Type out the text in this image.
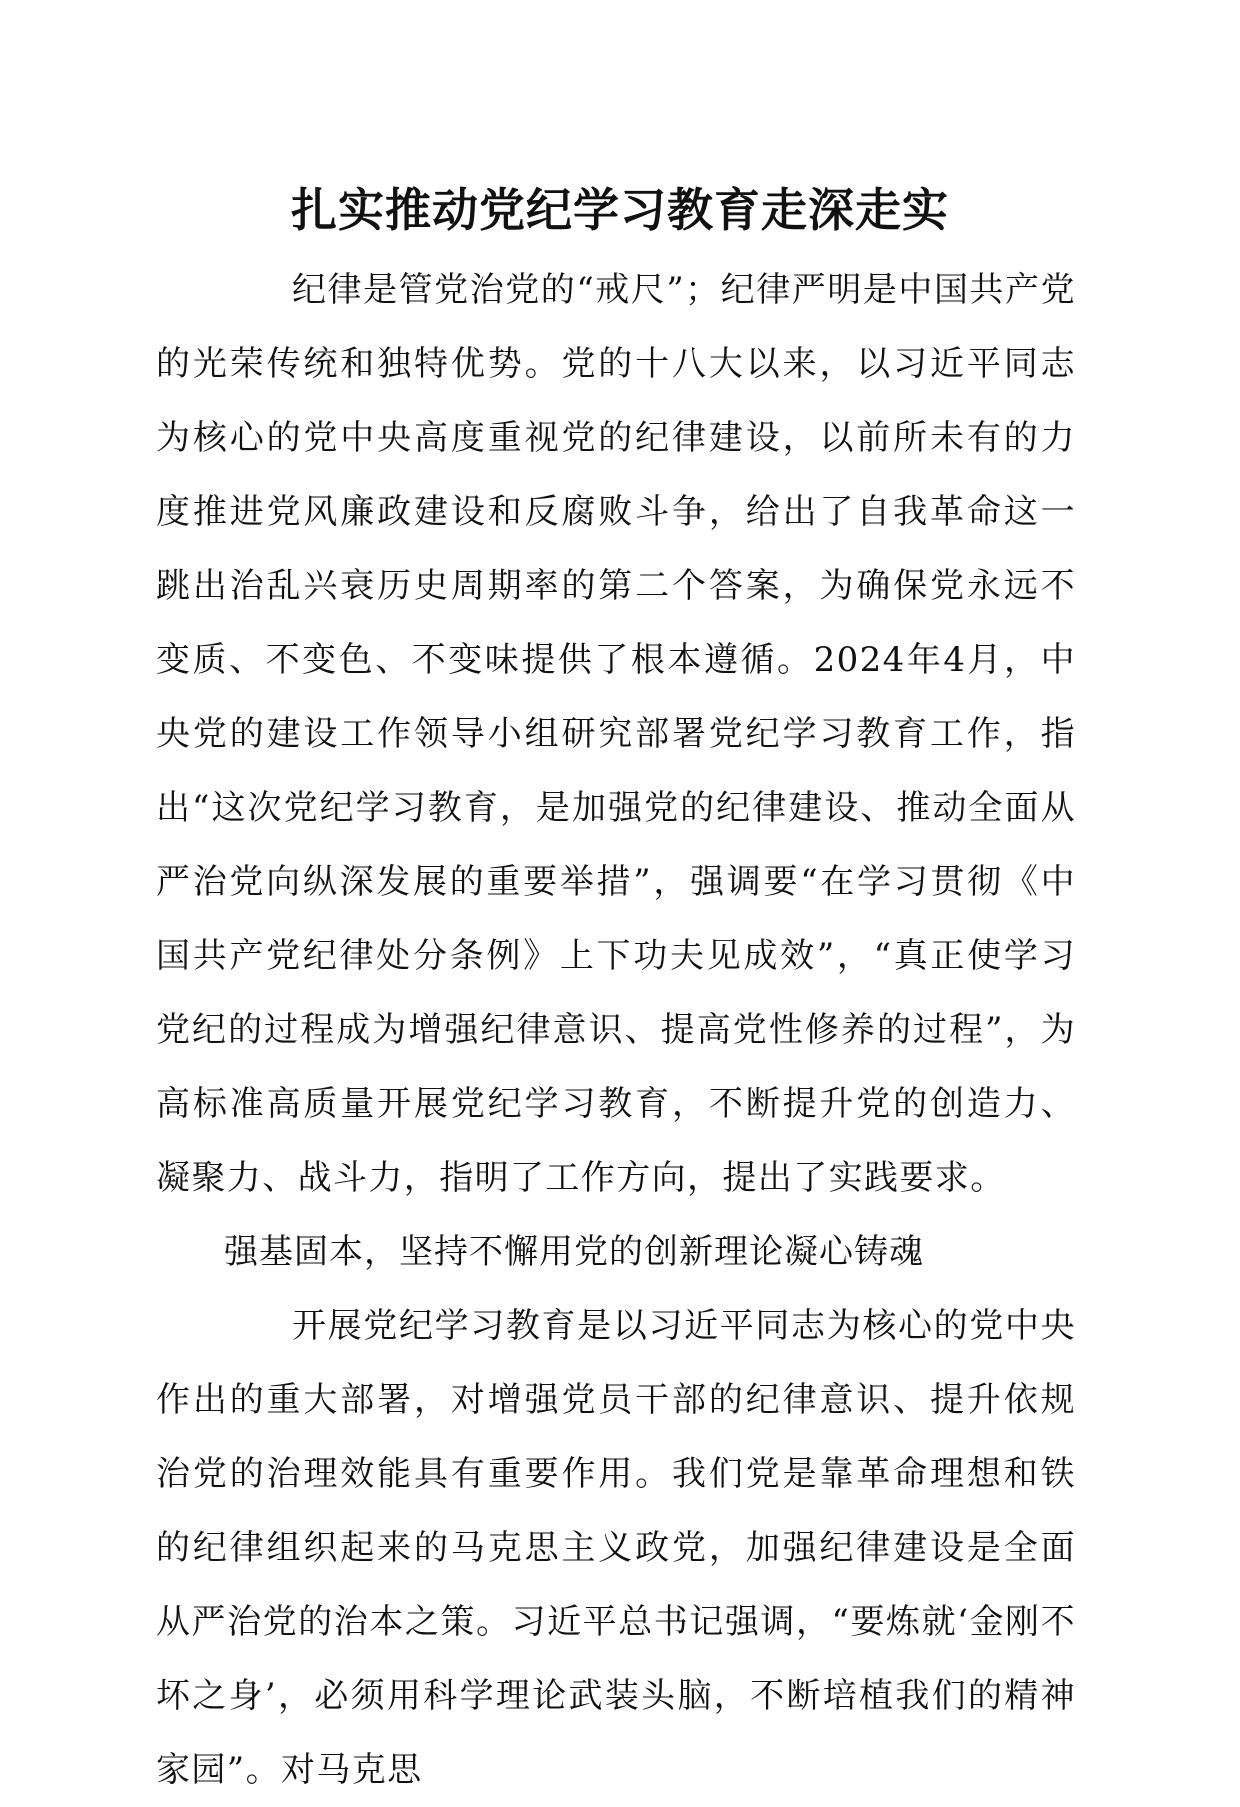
扎实推动党纪学习教育走深走实

纪律是管党治党的“戒尺”；纪律严明是中国共产党的光荣传统和独特优势。党的十八大以来，以习近平同志为核心的党中央高度重视党的纪律建设，以前所未有的力度推进党风廉政建设和反腐败斗争，给出了自我革命这一跳出治乱兴衰历史周期率的第二个答案，为确保党永远不变质、不变色、不变味提供了根本遵循。2024年4月，中央党的建设工作领导小组研究部署党纪学习教育工作，指出“这次党纪学习教育，是加强党的纪律建设、推动全面从严治党向纵深发展的重要举措”，强调要“在学习贯彻《中国共产党纪律处分条例》上下功夫见成效”，“真正使学习党纪的过程成为增强纪律意识、提高党性修养的过程”，为高标准高质量开展党纪学习教育，不断提升党的创造力、凝聚力、战斗力，指明了工作方向，提出了实践要求。

强基固本，坚持不懈用党的创新理论凝心铸魂

开展党纪学习教育是以习近平同志为核心的党中央作出的重大部署，对增强党员干部的纪律意识、提升依规治党的治理效能具有重要作用。我们党是靠革命理想和铁的纪律组织起来的马克思主义政党，加强纪律建设是全面从严治党的治本之策。习近平总书记强调，“要炼就‘金刚不坏之身’，必须用科学理论武装头脑，不断培植我们的精神家园”。对马克思
